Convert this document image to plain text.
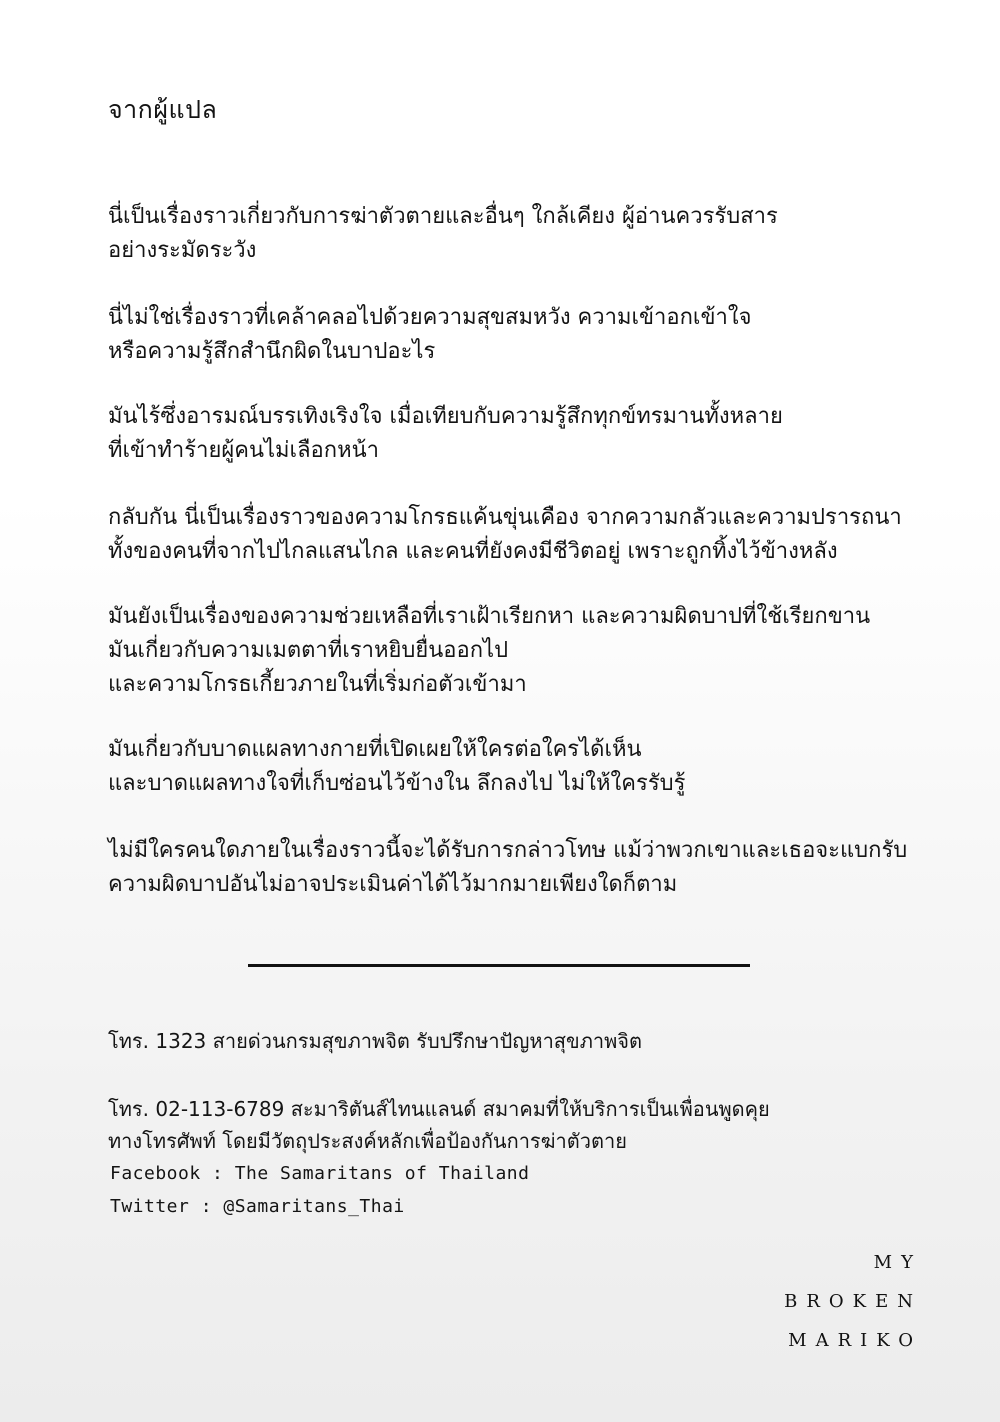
จากผู้แปล
นี่เป็นเรื่องราวเกี่ยวกับการฆ่าตัวตายและอื่นๆ ใกล้เคียง ผู้อ่านควรรับสาร
อย่างระมัดระวัง
นี่ไม่ใช่เรื่องราวที่เคล้าคลอไปด้วยความสุขสมหวัง ความเข้าอกเข้าใจ
หรือความรู้สึกสำนึกผิดในบาปอะไร
มันไร้ซึ่งอารมณ์บรรเทิงเริงใจ เมื่อเทียบกับความรู้สึกทุกข์ทรมานทั้งหลาย
ที่เข้าทำร้ายผู้คนไม่เลือกหน้า
กลับกัน นี่เป็นเรื่องราวของความโกรธแค้นขุ่นเคือง จากความกลัวและความปรารถนา
ทั้งของคนที่จากไปไกลแสนไกล และคนที่ยังคงมีชีวิตอยู่ เพราะถูกทิ้งไว้ข้างหลัง
มันยังเป็นเรื่องของความช่วยเหลือที่เราเฝ้าเรียกหา และความผิดบาปที่ใช้เรียกขาน
มันเกี่ยวกับความเมตตาที่เราหยิบยื่นออกไป
และความโกรธเกี้ยวภายในที่เริ่มก่อตัวเข้ามา
มันเกี่ยวกับบาดแผลทางกายที่เปิดเผยให้ใครต่อใครได้เห็น
และบาดแผลทางใจที่เก็บซ่อนไว้ข้างใน ลึกลงไป ไม่ให้ใครรับรู้
ไม่มีใครคนใดภายในเรื่องราวนี้จะได้รับการกล่าวโทษ แม้ว่าพวกเขาและเธอจะแบกรับ
ความผิดบาปอันไม่อาจประเมินค่าได้ไว้มากมายเพียงใดก็ตาม
โทร. 1323 สายด่วนกรมสุขภาพจิต รับปรึกษาปัญหาสุขภาพจิต
โทร. 02-113-6789 สะมาริตันส์ไทนแลนด์ สมาคมที่ให้บริการเป็นเพื่อนพูดคุย
ทางโทรศัพท์ โดยมีวัตถุประสงค์หลักเพื่อป้องกันการฆ่าตัวตาย
Facebook : The Samaritans of Thailand
Twitter : @Samaritans_Thai
MY
BROKEN
MARIKO
